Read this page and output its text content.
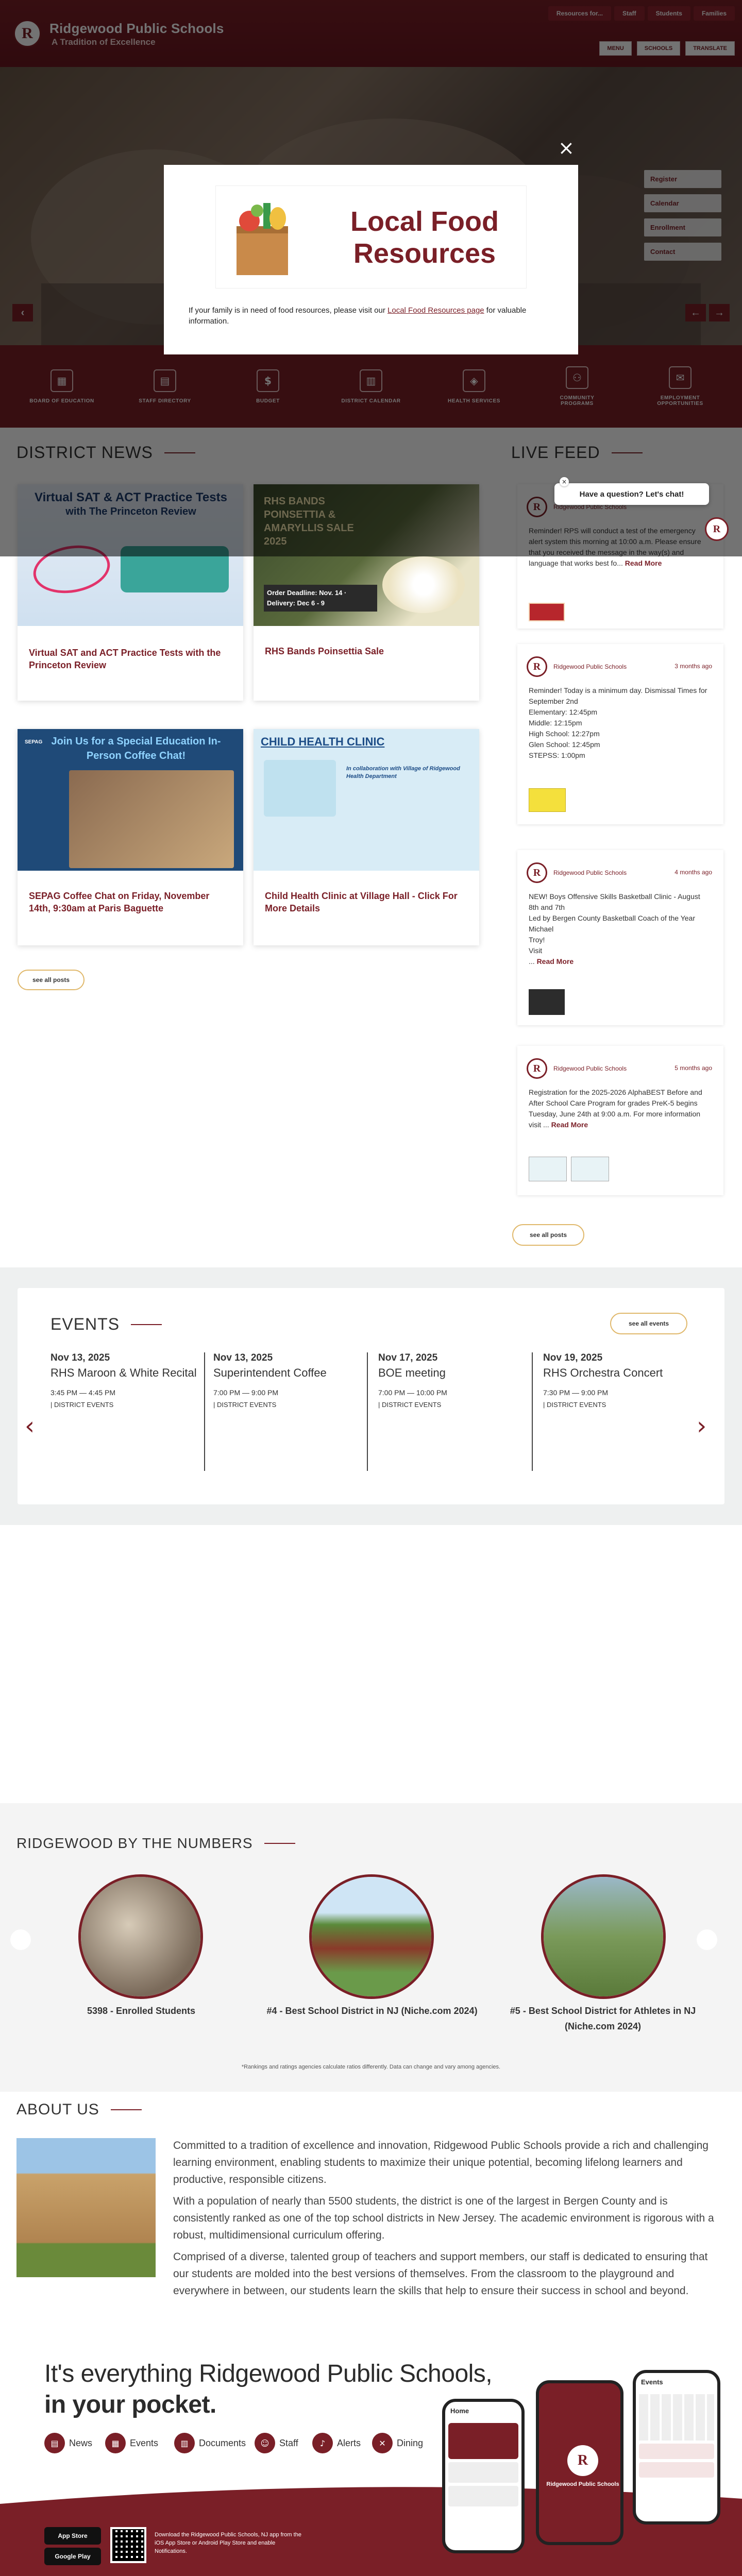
Virtual SAT and ACT Practice Tests with the Princeton Review
Order Deadline: Nov. 14 · Delivery: Dec 6 - 9
RHS Bands Poinsettia Sale
Join Us for a Special Education In-Person Coffee Chat!
SEPAG
SEPAG Coffee Chat on Friday, November 14th, 9:30am at Paris Baguette
CHILD HEALTH CLINIC
In collaboration with Village of Ridgewood Health Department
Child Health Clinic at Village Hall - Click For More Details
see all posts
language that works best fo... Read More
R	Ridgewood Public Schools	3 months ago
Reminder! Today is a minimum day. Dismissal Times for September 2nd
Elementary: 12:45pm
Middle: 12:15pm
High School: 12:27pm
Glen School: 12:45pm
STEPSS: 1:00pm
R	Ridgewood Public Schools	4 months ago
NEW! Boys Offensive Skills Basketball Clinic - August 8th and 7th
Led by Bergen County Basketball Coach of the Year Michael
Troy!
Visit
... Read More
R	Ridgewood Public Schools	5 months ago
Registration for the 2025-2026 AlphaBEST Before and After School Care Program for grades PreK-5 begins Tuesday, June 24th at 9:00 a.m. For more information visit ... Read More
see all posts
EVENTS	see all events
Nov 13, 2025
RHS Maroon & White Recital
3:45 PM — 4:45 PM
| DISTRICT EVENTS
Nov 13, 2025
Superintendent Coffee
7:00 PM — 9:00 PM
| DISTRICT EVENTS
Nov 17, 2025
BOE meeting
7:00 PM — 10:00 PM
| DISTRICT EVENTS
Nov 19, 2025
RHS Orchestra Concert
7:30 PM — 9:00 PM
| DISTRICT EVENTS
‹	›
RIDGEWOOD BY THE NUMBERS
5398 - Enrolled Students	#4 - Best School District in NJ (Niche.com 2024)	#5 - Best School District for Athletes in NJ (Niche.com 2024)
*Rankings and ratings agencies calculate ratios differently. Data can change and vary among agencies.
ABOUT US
Committed to a tradition of excellence and innovation, Ridgewood Public Schools provide a rich and challenging learning environment, enabling students to maximize their unique potential, becoming lifelong learners and productive, responsible citizens.
With a population of nearly than 5500 students, the district is one of the largest in Bergen County and is consistently ranked as one of the top school districts in New Jersey. The academic environment is rigorous with a robust, multidimensional curriculum offering.
Comprised of a diverse, talented group of teachers and support members, our staff is dedicated to ensuring that our students are molded into the best versions of themselves. From the classroom to the playground and everywhere in between, our students learn the skills that help to ensure their success in school and beyond.
It's everything Ridgewood Public Schools,
in your pocket.
▤	News	▦	Events	▥	Documents	☺	Staff	♪	Alerts	✕	Dining
App Store
Google Play
Download the Ridgewood Public Schools, NJ app from the iOS App Store or Android Play Store and enable Notifications.
Home
R
Ridgewood Public Schools
Events
×
Local Food Resources
If your family is in need of food resources, please visit our Local Food Resources page for valuable information.
Have a question? Let's chat!
×
R
